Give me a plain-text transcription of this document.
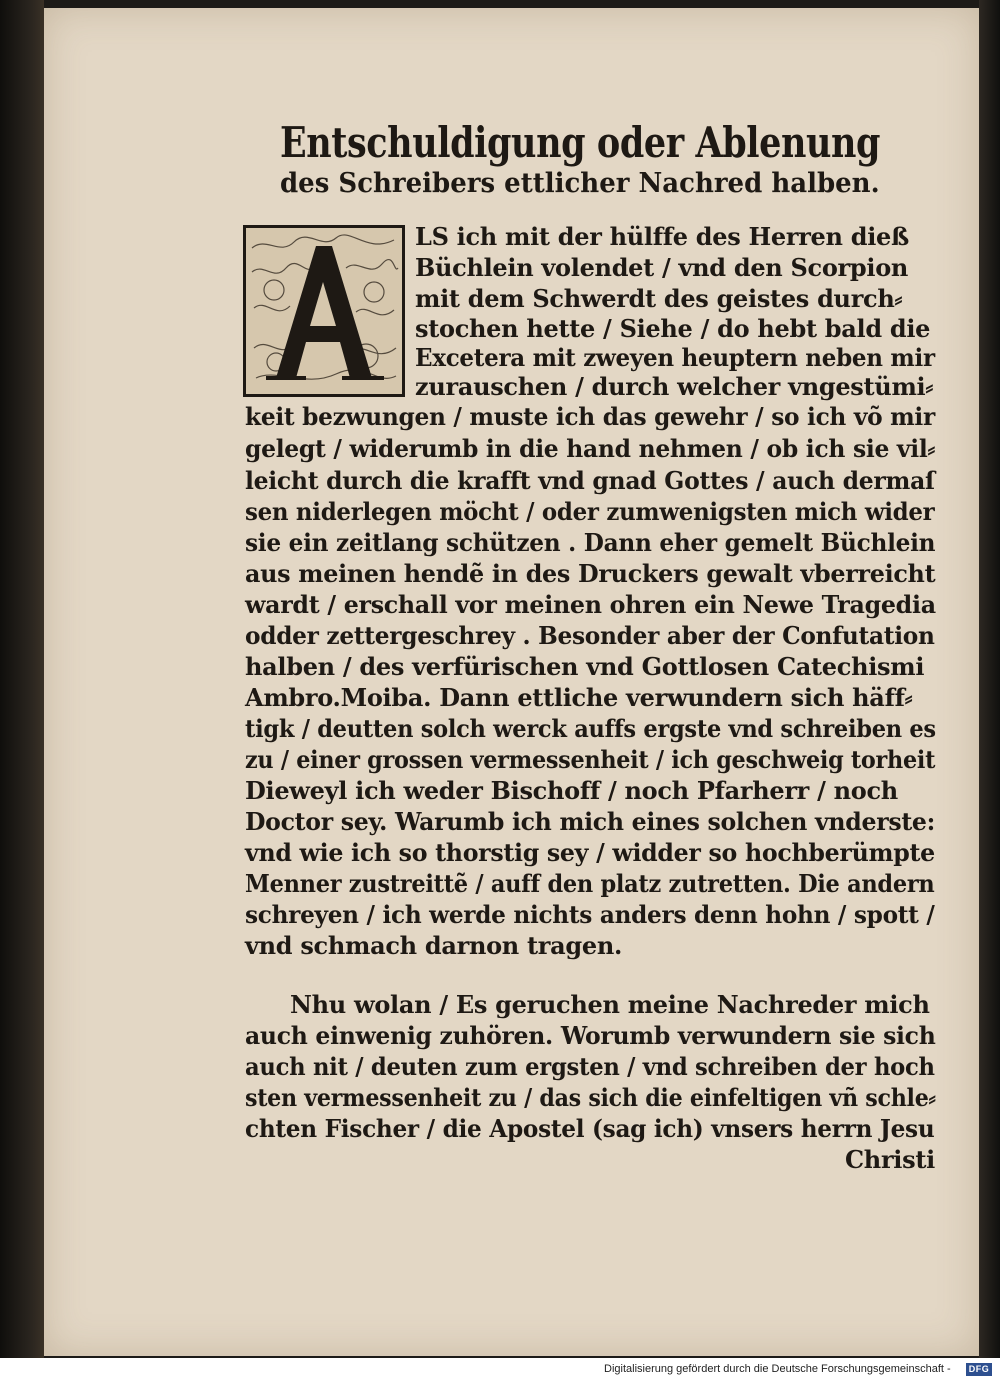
Entschuldigung oder Ablenung
des Schreibers ettlicher Nachred halben.
LS ich mit der hülffe des Herren dieß
Büchlein volendet / vnd den Scorpion
mit dem Schwerdt des geistes durch⸗
stochen hette / Siehe / do hebt bald die
Excetera mit zweyen heuptern neben mir
zurauschen / durch welcher vngestümi⸗
keit bezwungen / muste ich das gewehr / so ich võ mir
gelegt / widerumb in die hand nehmen / ob ich sie vil⸗
leicht durch die krafft vnd gnad Gottes / auch dermaſ
sen niderlegen möcht / oder zumwenigsten mich wider
sie ein zeitlang schützen . Dann eher gemelt Büchlein
aus meinen hendẽ in des Druckers gewalt vberreicht
wardt / erschall vor meinen ohren ein Newe Tragedia
odder zettergeschrey . Besonder aber der Confutation
halben / des verfürischen vnd Gottlosen Catechismi
Ambro.Moiba. Dann ettliche verwundern sich häff⸗
tigk / deutten solch werck auffs ergste vnd schreiben es
zu / einer grossen vermessenheit / ich geschweig torheit
Dieweyl ich weder Bischoff / noch Pfarherr / noch
Doctor sey. Warumb ich mich eines solchen vnderste:
vnd wie ich so thorstig sey / widder so hochberümpte
Menner zustreittẽ / auff den platz zutretten. Die andern
schreyen / ich werde nichts anders denn hohn / spott /
vnd schmach darnon tragen.
Nhu wolan / Es geruchen meine Nachreder mich
auch einwenig zuhören. Worumb verwundern sie sich
auch nit / deuten zum ergsten / vnd schreiben der hoch
sten vermessenheit zu / das sich die einfeltigen vñ schle⸗
chten Fischer / die Apostel (sag ich) vnsers herrn Jesu
Christi
Digitalisierung gefördert durch die Deutsche Forschungsgemeinschaft -	DFG
